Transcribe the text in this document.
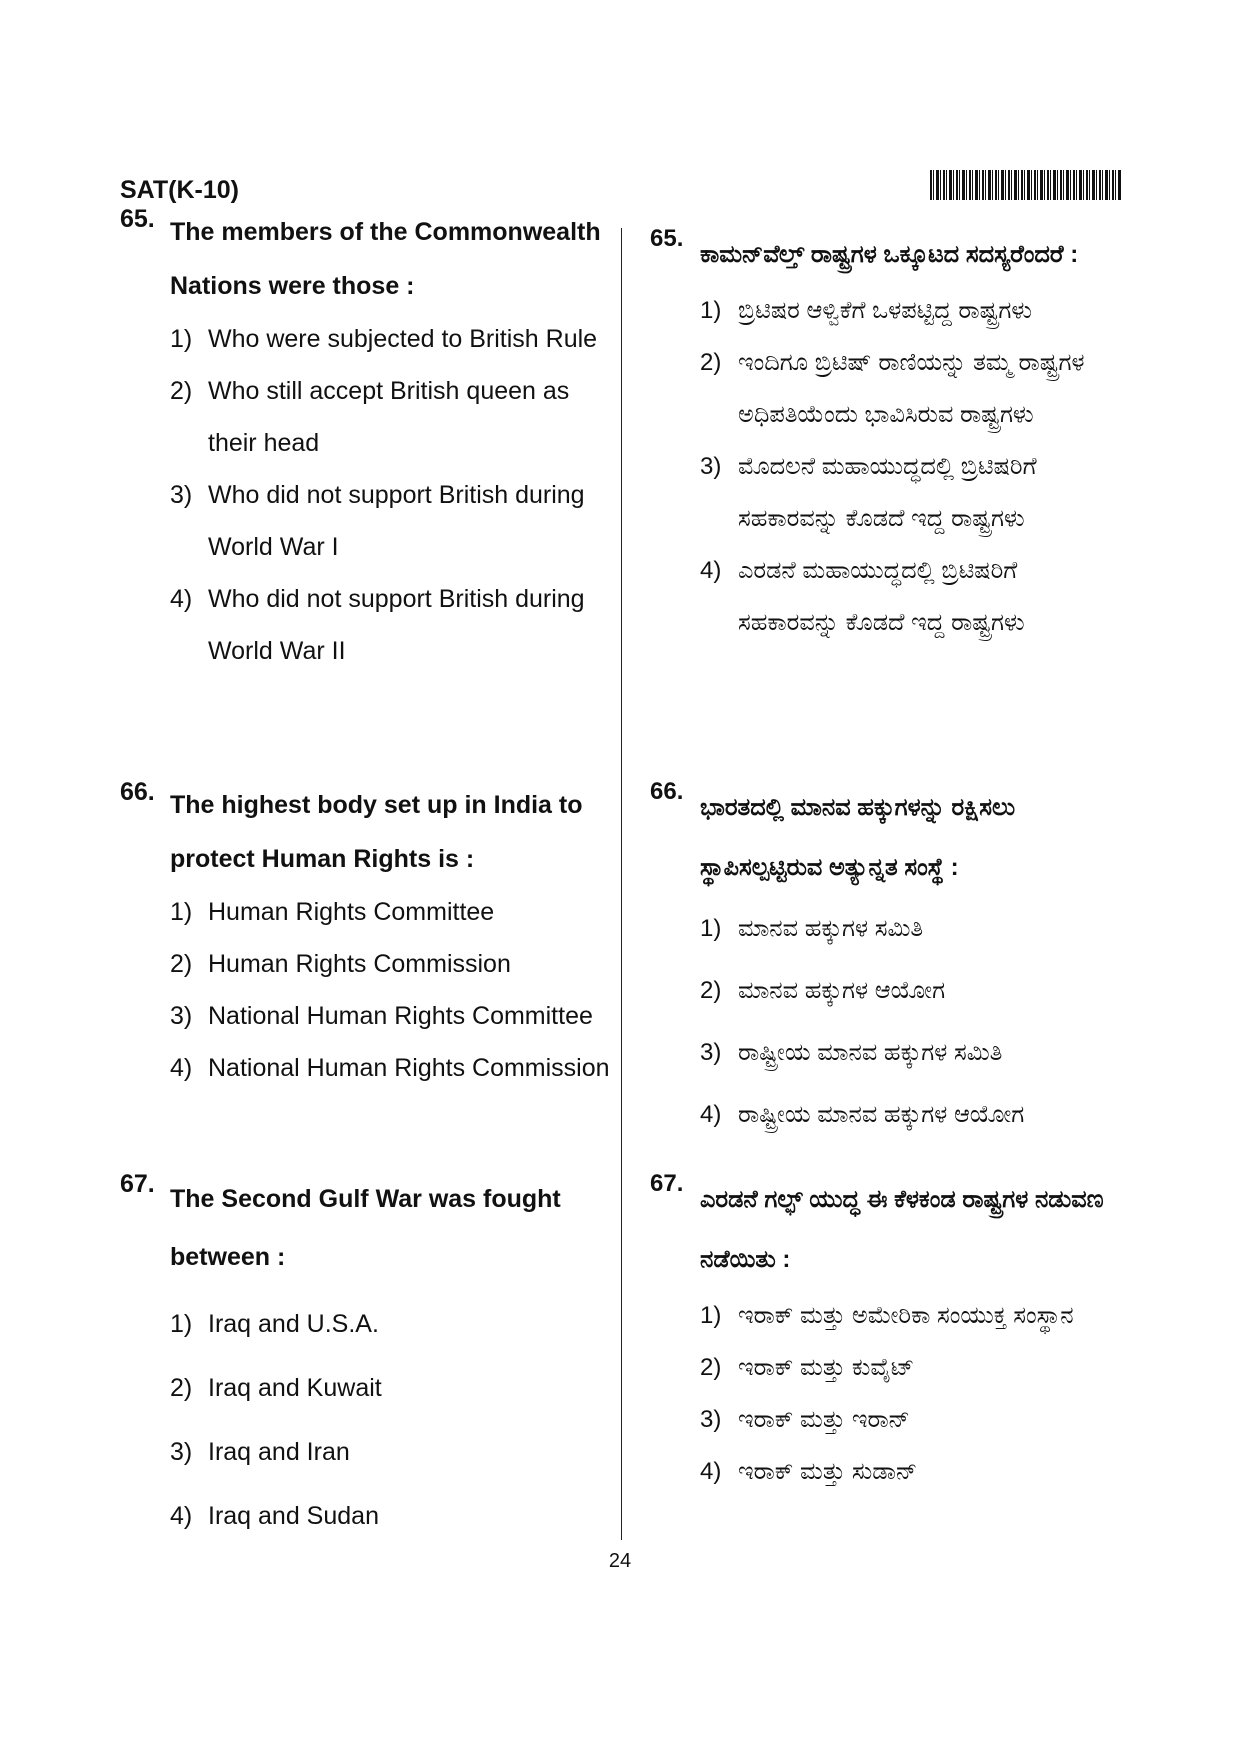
SAT(K-10)
65. The members of the Commonwealth Nations were those :
1) Who were subjected to British Rule
2) Who still accept British queen as their head
3) Who did not support British during World War I
4) Who did not support British during World War II
66. The highest body set up in India to protect Human Rights is :
1) Human Rights Committee
2) Human Rights Commission
3) National Human Rights Committee
4) National Human Rights Commission
67.
The Second Gulf War was fought between :
1) Iraq and U.S.A.
2) Iraq and Kuwait
3) Iraq and Iran
4) Iraq and Sudan
65.
ಕಾಮನ್‌ವೆಲ್ತ್ ರಾಷ್ಟ್ರಗಳ ಒಕ್ಕೂಟದ ಸದಸ್ಯರೆಂದರೆ :
1) ಬ್ರಿಟಿಷರ ಆಳ್ವಿಕೆಗೆ ಒಳಪಟ್ಟಿದ್ದ ರಾಷ್ಟ್ರಗಳು
2) ಇಂದಿಗೂ ಬ್ರಿಟಿಷ್ ರಾಣಿಯನ್ನು ತಮ್ಮ ರಾಷ್ಟ್ರಗಳ ಅಧಿಪತಿಯೆಂದು ಭಾವಿಸಿರುವ ರಾಷ್ಟ್ರಗಳು
3) ಮೊದಲನೆ ಮಹಾಯುದ್ಧದಲ್ಲಿ ಬ್ರಿಟಿಷರಿಗೆ ಸಹಕಾರವನ್ನು ಕೊಡದೆ ಇದ್ದ ರಾಷ್ಟ್ರಗಳು
4) ಎರಡನೆ ಮಹಾಯುದ್ಧದಲ್ಲಿ ಬ್ರಿಟಿಷರಿಗೆ ಸಹಕಾರವನ್ನು ಕೊಡದೆ ಇದ್ದ ರಾಷ್ಟ್ರಗಳು
66.
ಭಾರತದಲ್ಲಿ ಮಾನವ ಹಕ್ಕುಗಳನ್ನು ರಕ್ಷಿಸಲು ಸ್ಥಾಪಿಸಲ್ಪಟ್ಟಿರುವ ಅತ್ಯುನ್ನತ ಸಂಸ್ಥೆ :
1) ಮಾನವ ಹಕ್ಕುಗಳ ಸಮಿತಿ
2) ಮಾನವ ಹಕ್ಕುಗಳ ಆಯೋಗ
3) ರಾಷ್ಟ್ರೀಯ ಮಾನವ ಹಕ್ಕುಗಳ ಸಮಿತಿ
4) ರಾಷ್ಟ್ರೀಯ ಮಾನವ ಹಕ್ಕುಗಳ ಆಯೋಗ
67.
ಎರಡನೆ ಗಲ್ಫ್ ಯುದ್ಧ ಈ ಕೆಳಕಂಡ ರಾಷ್ಟ್ರಗಳ ನಡುವಣ ನಡೆಯಿತು :
1) ಇರಾಕ್ ಮತ್ತು ಅಮೇರಿಕಾ ಸಂಯುಕ್ತ ಸಂಸ್ಥಾನ
2) ಇರಾಕ್ ಮತ್ತು ಕುವೈಟ್
3) ಇರಾಕ್ ಮತ್ತು ಇರಾನ್
4) ಇರಾಕ್ ಮತ್ತು ಸುಡಾನ್
24
